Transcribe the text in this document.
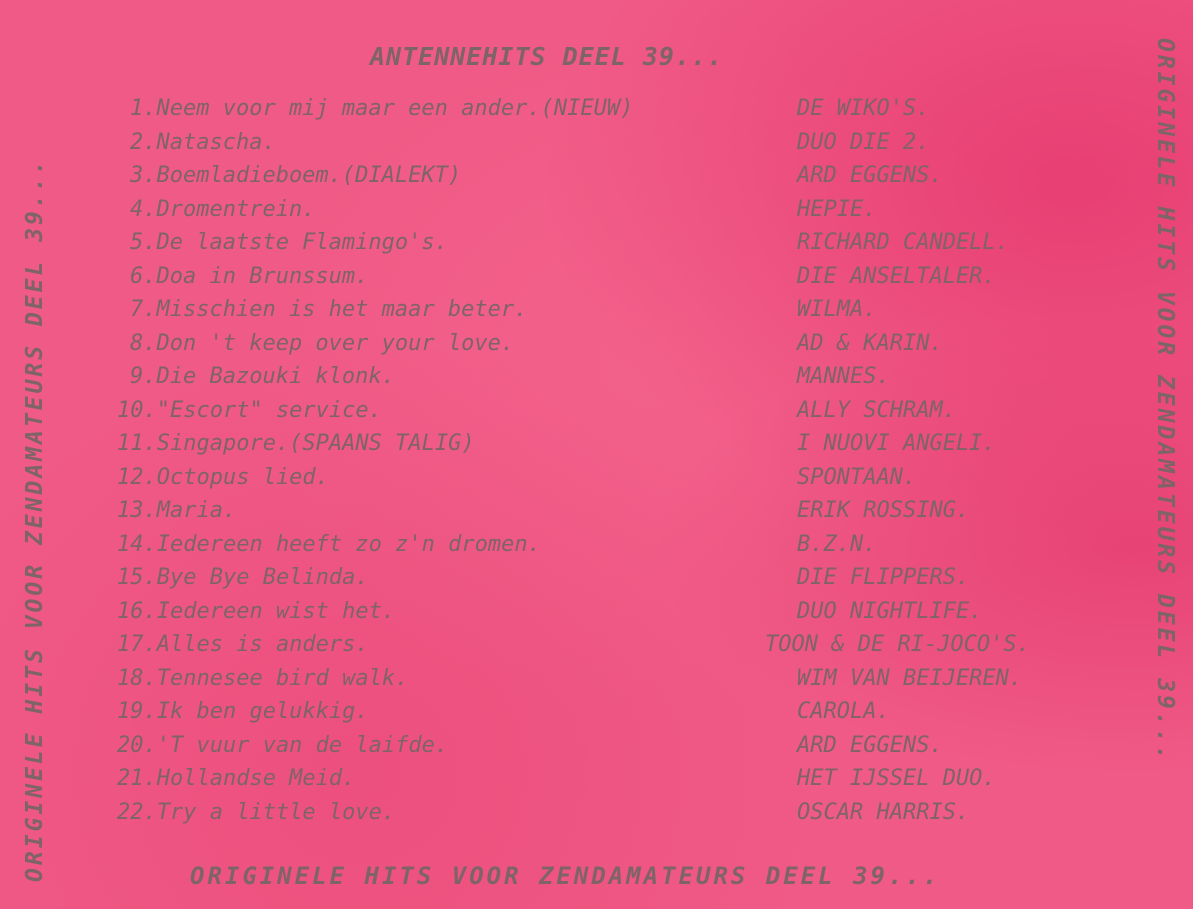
ANTENNEHITS DEEL 39...
ORIGINELE HITS VOOR ZENDAMATEURS DEEL 39...	ORIGINELE HITS VOOR ZENDAMATEURS DEEL 39...
1.Neem voor mij maar een ander.(NIEUW)	DE WIKO'S.
2.Natascha.	DUO DIE 2.
3.Boemladieboem.(DIALEKT)	ARD EGGENS.
4.Dromentrein.	HEPIE.
5.De laatste Flamingo's.	RICHARD CANDELL.
6.Doa in Brunssum.	DIE ANSELTALER.
7.Misschien is het maar beter.	WILMA.
8.Don 't keep over your love.	AD & KARIN.
9.Die Bazouki klonk.	MANNES.
10."Escort" service.	ALLY SCHRAM.
11.Singapore.(SPAANS TALIG)	I NUOVI ANGELI.
12.Octopus lied.	SPONTAAN.
13.Maria.	ERIK ROSSING.
14.Iedereen heeft zo z'n dromen.	B.Z.N.
15.Bye Bye Belinda.	DIE FLIPPERS.
16.Iedereen wist het.	DUO NIGHTLIFE.
17.Alles is anders.	TOON & DE RI-JOCO'S.
18.Tennesee bird walk.	WIM VAN BEIJEREN.
19.Ik ben gelukkig.	CAROLA.
20.'T vuur van de laifde.	ARD EGGENS.
21.Hollandse Meid.	HET IJSSEL DUO.
22.Try a little love.	OSCAR HARRIS.
ORIGINELE HITS VOOR ZENDAMATEURS DEEL 39...
